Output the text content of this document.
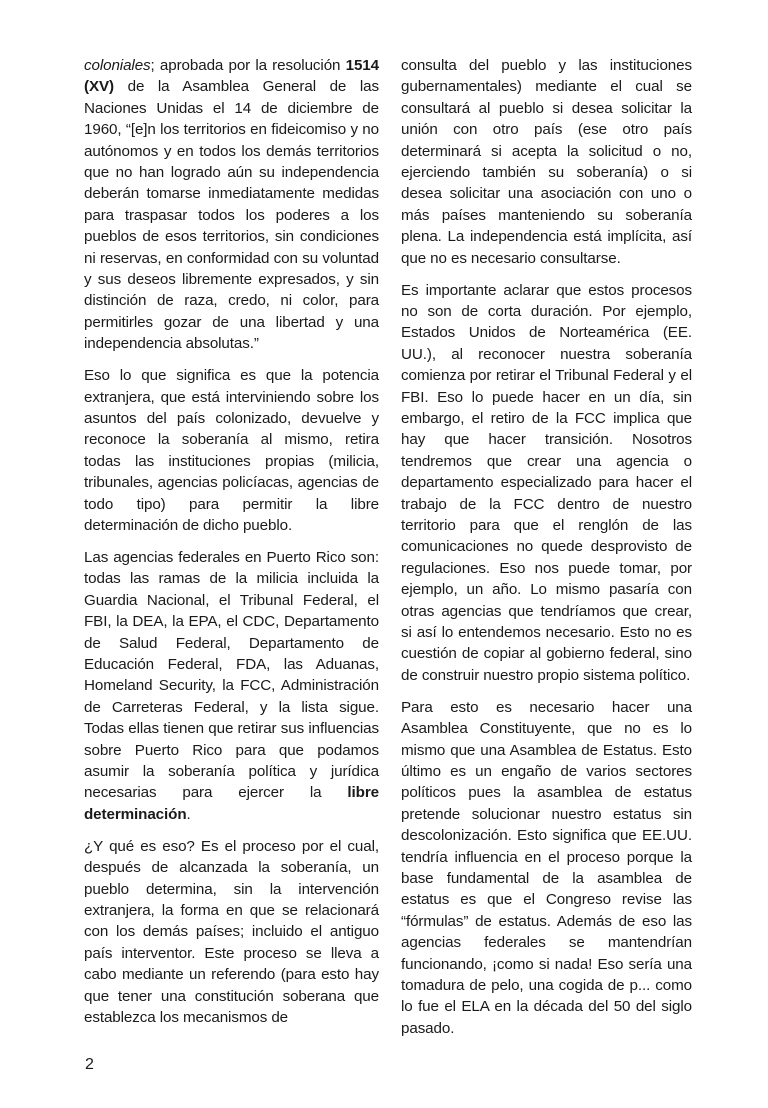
coloniales; aprobada por la resolución 1514 (XV) de la Asamblea General de las Naciones Unidas el 14 de diciembre de 1960, “[e]n los territorios en fideicomiso y no autónomos y en todos los demás territorios que no han logrado aún su independencia deberán tomarse inmediatamente medidas para traspasar todos los poderes a los pueblos de esos territorios, sin condiciones ni reservas, en conformidad con su voluntad y sus deseos libremente expresados, y sin distinción de raza, credo, ni color, para permitirles gozar de una libertad y una independencia absolutas.”

Eso lo que significa es que la potencia extranjera, que está interviniendo sobre los asuntos del país colonizado, devuelve y reconoce la soberanía al mismo, retira todas las instituciones propias (milicia, tribunales, agencias policíacas, agencias de todo tipo) para permitir la libre determinación de dicho pueblo.

Las agencias federales en Puerto Rico son: todas las ramas de la milicia incluida la Guardia Nacional, el Tribunal Federal, el FBI, la DEA, la EPA, el CDC, Departamento de Salud Federal, Departamento de Educación Federal, FDA, las Aduanas, Homeland Security, la FCC, Administración de Carreteras Federal, y la lista sigue. Todas ellas tienen que retirar sus influencias sobre Puerto Rico para que podamos asumir la soberanía política y jurídica necesarias para ejercer la libre determinación.

¿Y qué es eso? Es el proceso por el cual, después de alcanzada la soberanía, un pueblo determina, sin la intervención extranjera, la forma en que se relacionará con los demás países; incluido el antiguo país interventor. Este proceso se lleva a cabo mediante un referendo (para esto hay que tener una constitución soberana que establezca los mecanismos de

consulta del pueblo y las instituciones gubernamentales) mediante el cual se consultará al pueblo si desea solicitar la unión con otro país (ese otro país determinará si acepta la solicitud o no, ejerciendo también su soberanía) o si desea solicitar una asociación con uno o más países manteniendo su soberanía plena. La independencia está implícita, así que no es necesario consultarse.

Es importante aclarar que estos procesos no son de corta duración. Por ejemplo, Estados Unidos de Norteamérica (EE. UU.), al reconocer nuestra soberanía comienza por retirar el Tribunal Federal y el FBI. Eso lo puede hacer en un día, sin embargo, el retiro de la FCC implica que hay que hacer transición. Nosotros tendremos que crear una agencia o departamento especializado para hacer el trabajo de la FCC dentro de nuestro territorio para que el renglón de las comunicaciones no quede desprovisto de regulaciones. Eso nos puede tomar, por ejemplo, un año. Lo mismo pasaría con otras agencias que tendríamos que crear, si así lo entendemos necesario. Esto no es cuestión de copiar al gobierno federal, sino de construir nuestro propio sistema político.

Para esto es necesario hacer una Asamblea Constituyente, que no es lo mismo que una Asamblea de Estatus. Esto último es un engaño de varios sectores políticos pues la asamblea de estatus pretende solucionar nuestro estatus sin descolonización. Esto significa que EE.UU. tendría influencia en el proceso porque la base fundamental de la asamblea de estatus es que el Congreso revise las “fórmulas” de estatus. Además de eso las agencias federales se mantendrían funcionando, ¡como si nada! Eso sería una tomadura de pelo, una cogida de p... como lo fue el ELA en la década del 50 del siglo pasado.

2
